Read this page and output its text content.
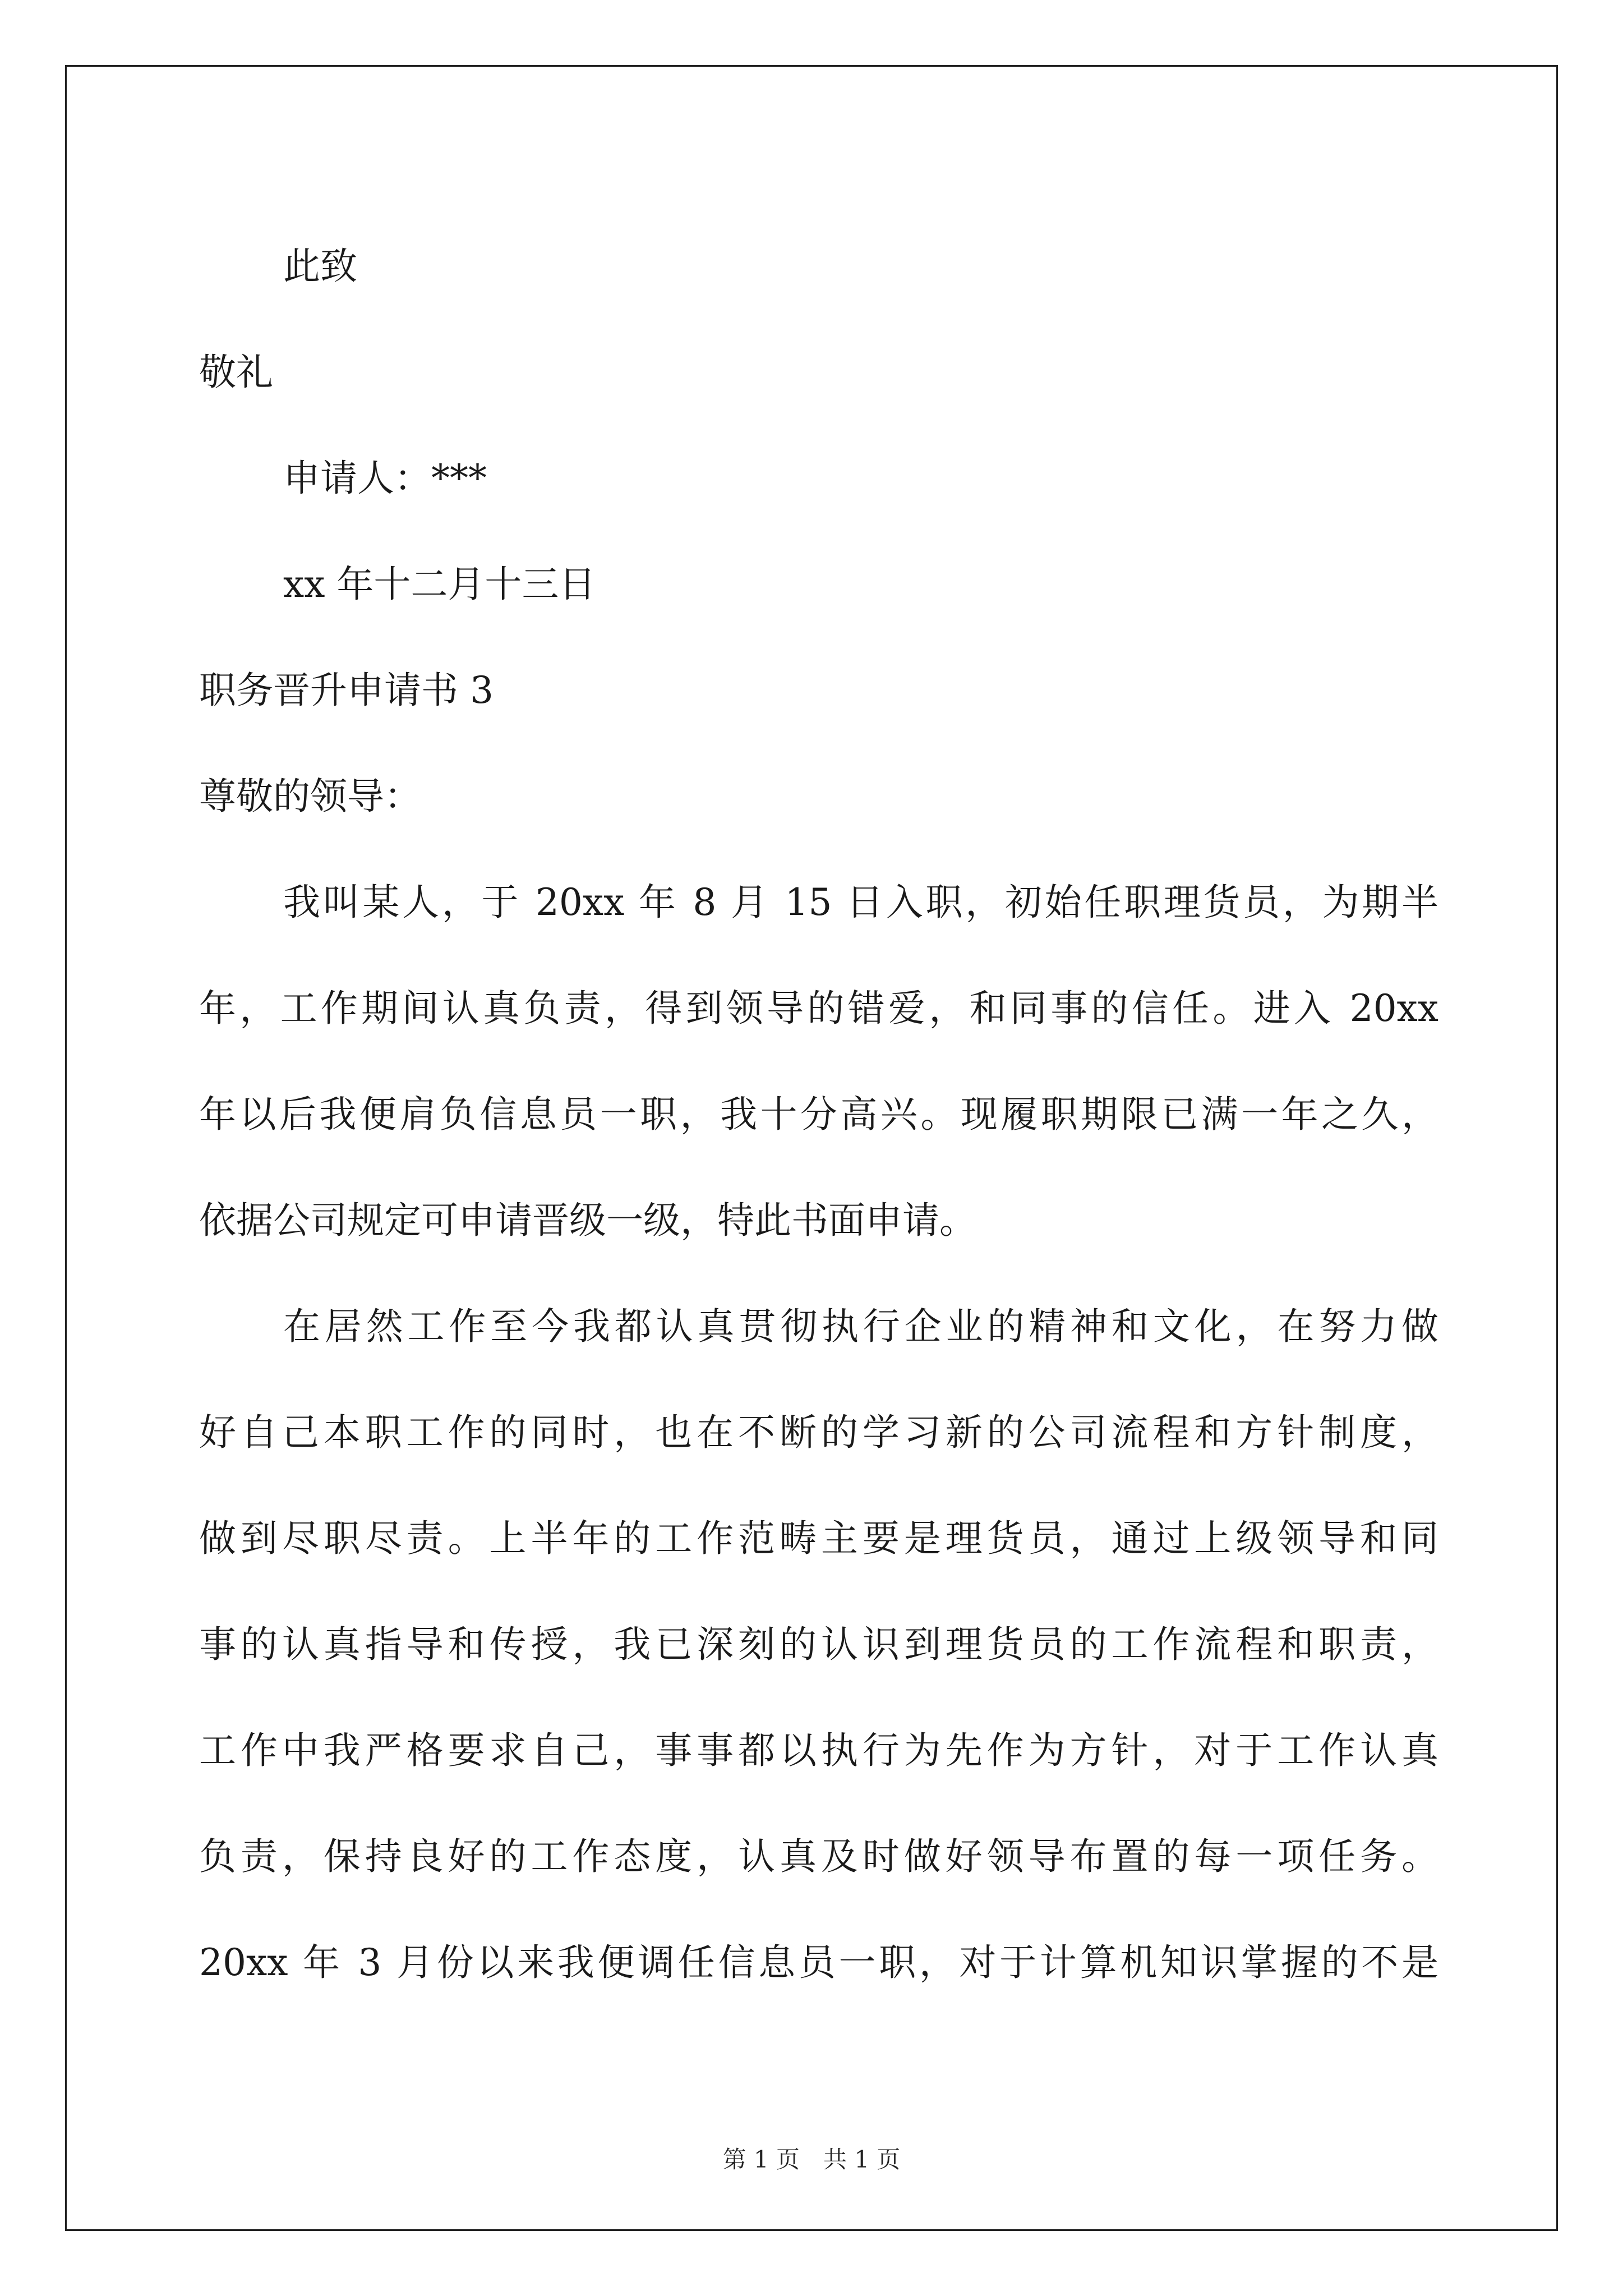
此致
敬礼
申请人：***
xx 年十二月十三日
职务晋升申请书 3
尊敬的领导：
我叫某人，于 20xx 年 8 月 15 日入职，初始任职理货员，为期半
年，工作期间认真负责，得到领导的错爱，和同事的信任。进入 20xx
年以后我便肩负信息员一职，我十分高兴。现履职期限已满一年之久，
依据公司规定可申请晋级一级，特此书面申请。
在居然工作至今我都认真贯彻执行企业的精神和文化，在努力做
好自己本职工作的同时，也在不断的学习新的公司流程和方针制度，
做到尽职尽责。上半年的工作范畴主要是理货员，通过上级领导和同
事的认真指导和传授，我已深刻的认识到理货员的工作流程和职责，
工作中我严格要求自己，事事都以执行为先作为方针，对于工作认真
负责，保持良好的工作态度，认真及时做好领导布置的每一项任务。
20xx 年 3 月份以来我便调任信息员一职，对于计算机知识掌握的不是
第 1 页　共 1 页
